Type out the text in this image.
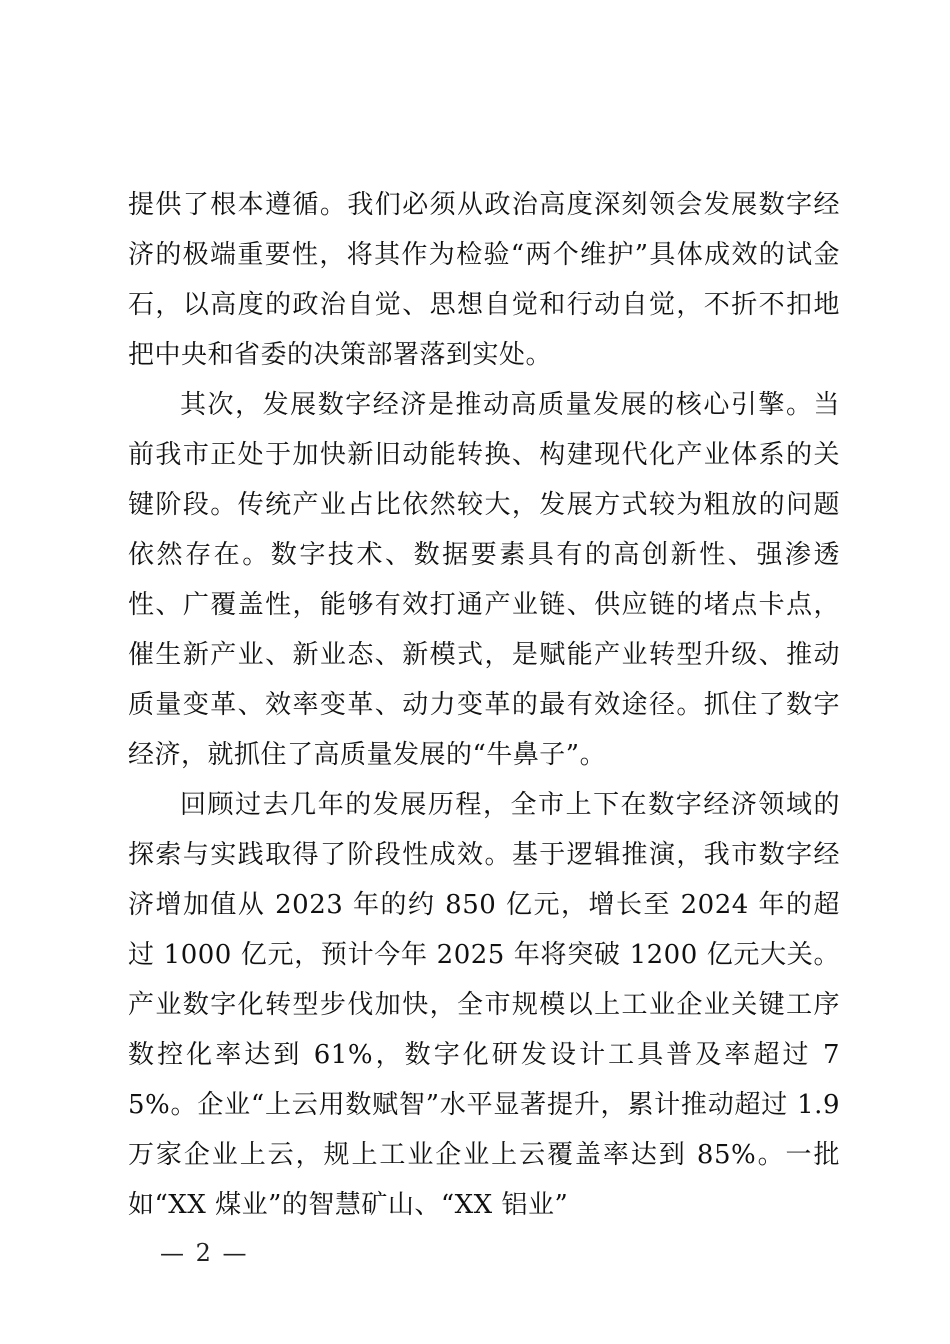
提供了根本遵循。我们必须从政治高度深刻领会发展数字经济的极端重要性，将其作为检验“两个维护”具体成效的试金石，以高度的政治自觉、思想自觉和行动自觉，不折不扣地把中央和省委的决策部署落到实处。

其次，发展数字经济是推动高质量发展的核心引擎。当前我市正处于加快新旧动能转换、构建现代化产业体系的关键阶段。传统产业占比依然较大，发展方式较为粗放的问题依然存在。数字技术、数据要素具有的高创新性、强渗透性、广覆盖性，能够有效打通产业链、供应链的堵点卡点，催生新产业、新业态、新模式，是赋能产业转型升级、推动质量变革、效率变革、动力变革的最有效途径。抓住了数字经济，就抓住了高质量发展的“牛鼻子”。

回顾过去几年的发展历程，全市上下在数字经济领域的探索与实践取得了阶段性成效。基于逻辑推演，我市数字经济增加值从 2023 年的约 850 亿元，增长至 2024 年的超过 1000 亿元，预计今年 2025 年将突破 1200 亿元大关。产业数字化转型步伐加快，全市规模以上工业企业关键工序数控化率达到 61%，数字化研发设计工具普及率超过 75%。企业“上云用数赋智”水平显著提升，累计推动超过 1.9 万家企业上云，规上工业企业上云覆盖率达到 85%。一批如“XX 煤业”的智慧矿山、“XX 铝业”

— 2 —
